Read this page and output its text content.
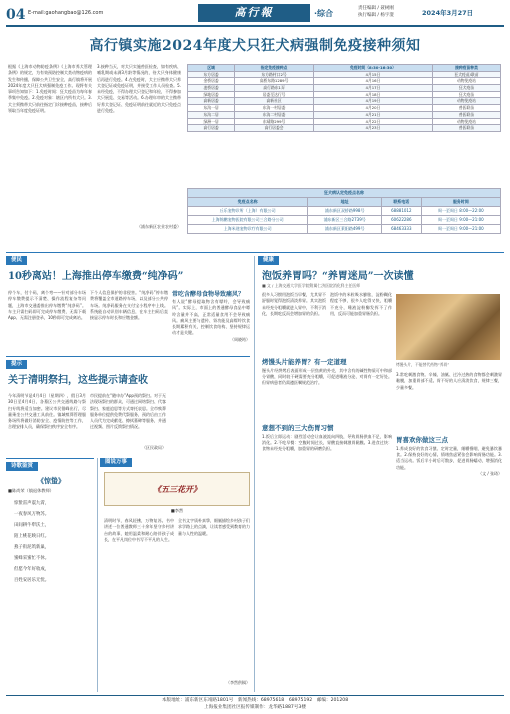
04 E-mail:gaohangbao@126.com	高行報	·综合
责任编辑 / 聂树刚
执行编辑 / 杨宇澄	2024年3月27日
高行镇实施2024年度犬只狂犬病强制免疫接种须知
根据《上海市动物防疫条例》《上海市养犬管理条例》的规定，为有效预防控制犬类动物疫病的发生和传播，保障公共卫生安全，高行镇将开展2024年度犬只狂犬病强制免疫工作。现将有关事项告知如下：1.免疫时间：狂犬疫苗为每年春季集中免疫。2.免疫对象：辖区内所有犬只。3.犬主须携带犬只前往指定门诊接种疫苗，接种后领取当年度免疫证明。
3.接种当天，对犬只实施兽医检查，如有疾病、哺乳期或未满3月龄等情况的，待犬只身体健康后再进行免疫。4.在免疫时，犬主应携带犬只养犬登记证或免疫证明，并接受工作人员检查。5.未经免疫，不得办理犬只登记和年检，不得参加犬只展览、交易等活动。6.办理年审的犬主携带好养犬登记证、免疫证明前往就近的犬只免疫点进行免疫。
（浦东新区农业农村委）
区域	指定免疫接种点	免疫时间（8:30-16:30）	接种疫苗种类
东方居委	东方路村口2号	4月15日	狂犬疫苗/联苗
金桥居委	高桥东路1289号	4月16日	动物免疫站
凌桥居委	高行路东1弄	4月17日	狂犬疫苗
绿地居委	居委至达行号	4月18日	狂犬疫苗
高新居委	高新社区	4月19日	动物免疫站
东沟一居	东沟一村居委	4月20日	兽医联苗
东沟二居	东沟二村居委	4月21日	兽医联苗
绿洲一居	东靖路299号	4月22日	动物免疫站
高行居委	高行居委会	4月23日	兽医联苗
狂犬病认定免疫点名称			
免疫点名称	地址	联系电话	服务时间
丘乐宠物诊所（上海）有限公司	浦东新区双桥路998号	68881012	周一至周日 8:00—22:00
上海锦鹏宠物医院有限公司三合路分公司	浦东新区三合路2739号	60622286	周一至周日 9:00—21:00
上海米途宠物诊疗有限公司	浦东新区莱阳路499号	68463333	周一至周日 9:00—21:00
便民
10秒离站！上海推出停车缴费“纯净码”
停个车，付个码，离个弯——针对部分车场停车缴费提示不清楚、操作流程复杂等问题，上海市交通委推出停车缴费“纯净码”。车主只需扫码即可完成停车缴费，无需下载App、无需注册登录，10秒即可完成离站。
下个人信息保护的非侵害。“纯净码”停车缴费将覆盖全市道路停车场，以及部分公共停车场。纯净码服务在支付宝小程序中上线。系统能自动识别车辆信息，在车主扫码后直接显示停车时长和应缴金额。
常吃含酵母食物导致痛风？
有人说“酵母提取物含有嘌呤，会导致痛风”。实际上，市面上的普通酵母食品中嘌呤含量并不高，正常适量食用不会导致痛风。痛风主要与遗传、肾功能及高嘌呤饮食长期累积有关，控制饮食结构、坚持规律运动才是关键。
（周晓筠）
提示
关于清明祭扫，这些提示请查收
今年清明节是4月4日（星期四），假日3月30日至4月4日，各墓区公共交通线路与祭扫专线将适当加密。建议市民错峰出行，尽量乘坐公共交通工具前往。镇域殡葬管理服务场所将做好消防安全、疫情防控等工作，合理安排人员，确保祭扫秩序安全有序。
市民提前在“随申办”App预约祭扫。对于无法现场祭扫的群众，可通过网络祭扫、代客祭扫、家庭追思等方式寄托哀思。全市殡葬服务单位提供免费代祭服务，预约后由工作人员代为完成献花、擦拭墓碑等服务，并通过视频、图片反馈祭扫情况。
（区民政局）
诗歌鉴赏
《惊蛰》
■陈尚荣（镇退休教师）
惊蛰雷声震九霄，
一夜春风万物苏。
田间耕牛犁沃土，
陌上桃花映日红。
燕子衔泥筑新巢，
蜜蜂采蜜忙不休。
但愿今年好收成，
百姓安居乐无忧。
图说万事
《五三花开》
■李然
清明时节，春风轻拂，万物复苏。书中讲述一位普通教师三十余年坚守乡村讲台的故事，她用温柔和耐心陪伴孩子成长，在平凡岗位中书写不平凡的人生。
全书文字质朴真挚，细腻描绘乡村孩子们求学路上的点滴，让读者感受到教育的力量与人性的温暖。
（李然供稿）
健康
泡饭养胃吗？“养胃迷局”一次读懂
■ 文 / 上海交通大学医学院附属仁济医院消化科主任医师
很多人习惯用泡饭当早餐，尤其胃不舒服时觉得泡饭清淡养胃。其实泡饭未经充分咀嚼就进入胃中，不利于消化，长期吃反而会增加胃的负担。
泡饭中的米粒吸水膨胀，淀粉糊化程度不够，很多人吃得又快，咀嚼不充分，唾液淀粉酶发挥不了作用，反而可能加重胃肠负担。
烤馒头片，不能替代药物“养胃”
烤馒头片能养胃？有一定道理
馒头片经烘烤后表面形成一层焦黄的外壳，其中含有的碱性物质可中和部分胃酸，同时较干硬需要充分咀嚼，可促进唾液分泌，对胃有一定好处。但胃病患者仍需遵医嘱规范治疗。
意想不到的三大伤胃习惯
1.饭后立即运动：剧烈活动会让血液流向四肢，导致胃肠供血不足，影响消化。2.不吃早餐：空腹时间过长，胃酸直接刺激胃黏膜。3.进食过快：食物未经充分咀嚼，加重胃的研磨负担。
3.常吃刺激食物。辛辣、油腻、过冷过热的食物都会刺激胃黏膜，加重胃部不适。胃不好的人应清淡饮食，规律三餐，少量多餐。
胃喜欢你做这三点
1.养成良好的饮食习惯。定时定量，细嚼慢咽，避免暴饮暴食。2.保持良好的心情。情绪焦虑紧张会影响胃肠功能。3.适当运动。饭后半小时后可散步，促进胃肠蠕动，增强消化功能。
（文 / 张琦）
本版地址：浦东新区东靖路1801号　新闻热线：68975618　68975192　邮编：201208
上海报业集团社区报传媒制作：龙华路1887号3楼
